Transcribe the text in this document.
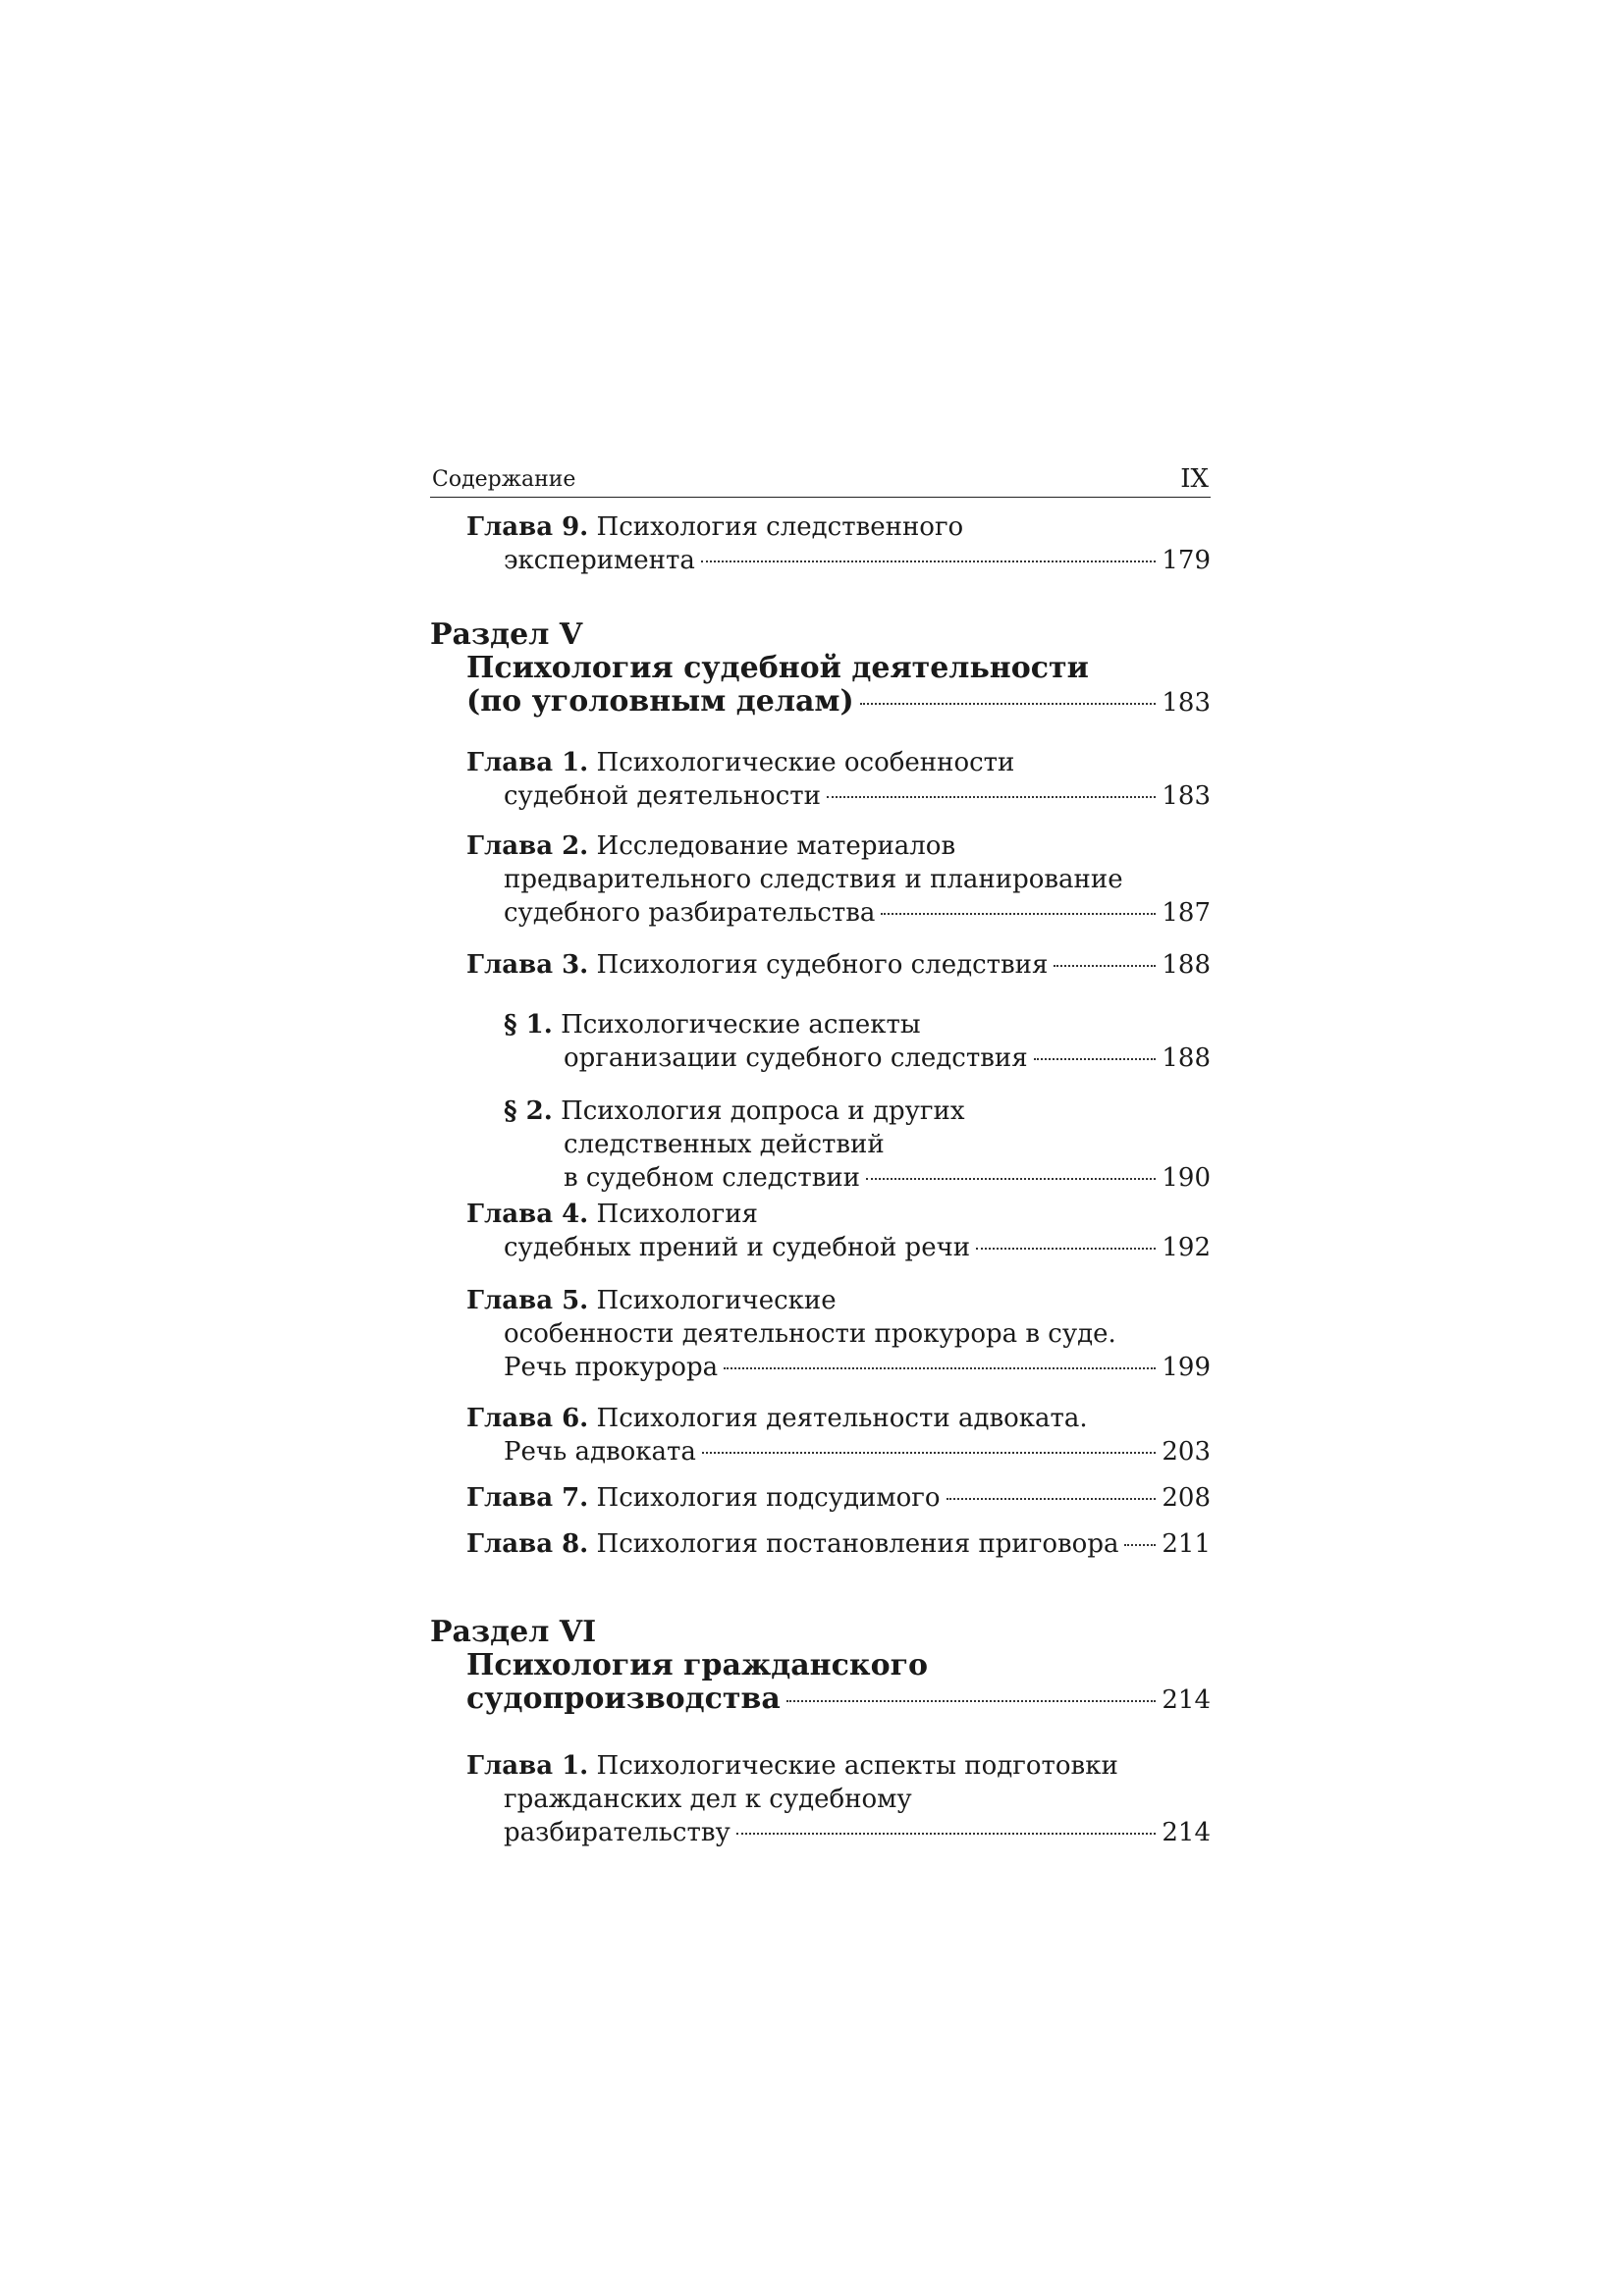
Содержание	IX
Глава 9. Психология следственного
эксперимента	179
Раздел V
Психология судебной деятельности
(по уголовным делам)	183
Глава 1. Психологические особенности
судебной деятельности	183
Глава 2. Исследование материалов
предварительного следствия и планирование
судебного разбирательства	187
Глава 3.
Психология судебного следствия	188
§ 1. Психологические аспекты
организации судебного следствия	188
§ 2. Психология допроса и других
следственных действий
в судебном следствии	190
Глава 4. Психология
судебных прений и судебной речи	192
Глава 5. Психологические
особенности деятельности прокурора в суде.
Речь прокурора	199
Глава 6. Психология деятельности адвоката.
Речь адвоката	203
Глава 7.
Психология подсудимого	208
Глава 8.
Психология постановления приговора 211
Раздел VI
Психология гражданского
судопроизводства	214
Глава 1. Психологические аспекты подготовки
гражданских дел к судебному
разбирательству	214
